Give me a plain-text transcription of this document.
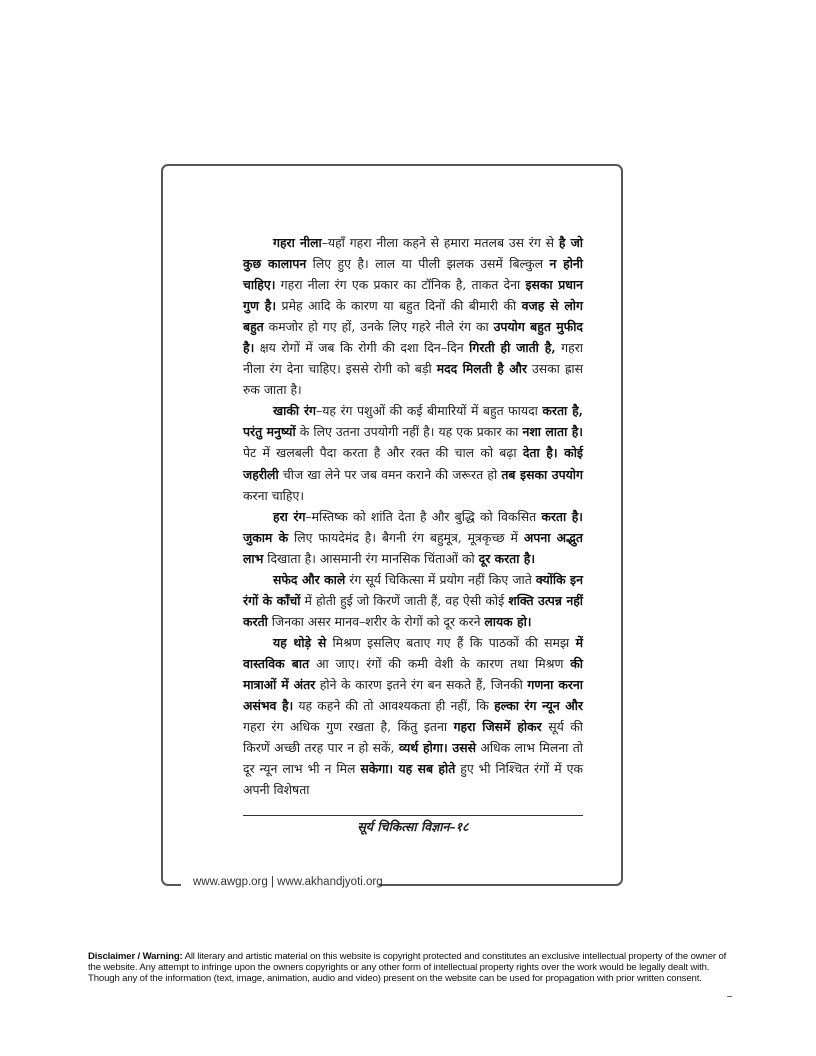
www.awgp.org | www.akhandjyoti.org

गहरा नीला–यहाँ गहरा नीला कहने से हमारा मतलब उस रंग से है जो कुछ कालापन लिए हुए है। लाल या पीली झलक उसमें बिल्कुल न होनी चाहिए। गहरा नीला रंग एक प्रकार का टॉनिक है, ताकत देना इसका प्रधान गुण है। प्रमेह आदि के कारण या बहुत दिनों की बीमारी की वजह से लोग बहुत कमजोर हो गए हों, उनके लिए गहरे नीले रंग का उपयोग बहुत मुफीद है। क्षय रोगों में जब कि रोगी की दशा दिन–दिन गिरती ही जाती है, गहरा नीला रंग देना चाहिए। इससे रोगी को बड़ी मदद मिलती है और उसका ह्रास रुक जाता है।

खाकी रंग–यह रंग पशुओं की कई बीमारियों में बहुत फायदा करता है, परंतु मनुष्यों के लिए उतना उपयोगी नहीं है। यह एक प्रकार का नशा लाता है। पेट में खलबली पैदा करता है और रक्त की चाल को बढ़ा देता है। कोई जहरीली चीज खा लेने पर जब वमन कराने की जरूरत हो तब इसका उपयोग करना चाहिए।

हरा रंग–मस्तिष्क को शांति देता है और बुद्धि को विकसित करता है। जुकाम के लिए फायदेमंद है। बैगनी रंग बहुमूत्र, मूत्रकृच्छ में अपना अद्भुत लाभ दिखाता है। आसमानी रंग मानसिक चिंताओं को दूर करता है।

सफेद और काले रंग सूर्य चिकित्सा में प्रयोग नहीं किए जाते क्योंकि इन रंगों के काँचों में होती हुई जो किरणें जाती हैं, वह ऐसी कोई शक्ति उत्पन्न नहीं करती जिनका असर मानव–शरीर के रोगों को दूर करने लायक हो।

यह थोड़े से मिश्रण इसलिए बताए गए हैं कि पाठकों की समझ में वास्तविक बात आ जाए। रंगों की कमी वेशी के कारण तथा मिश्रण की मात्राओं में अंतर होने के कारण इतने रंग बन सकते हैं, जिनकी गणना करना असंभव है। यह कहने की तो आवश्यकता ही नहीं, कि हल्का रंग न्यून और गहरा रंग अधिक गुण रखता है, किंतु इतना गहरा जिसमें होकर सूर्य की किरणें अच्छी तरह पार न हो सकें, व्यर्थ होगा। उससे अधिक लाभ मिलना तो दूर न्यून लाभ भी न मिल सकेगा। यह सब होते हुए भी निश्चित रंगों में एक अपनी विशेषता

सूर्य चिकित्सा विज्ञान–१८
Disclaimer / Warning: All literary and artistic material on this website is copyright protected and constitutes an exclusive intellectual property of the owner of the website. Any attempt to infringe upon the owners copyrights or any other form of intellectual property rights over the work would be legally dealt with. Though any of the information (text, image, animation, audio and video) present on the website can be used for propagation with prior written consent.
